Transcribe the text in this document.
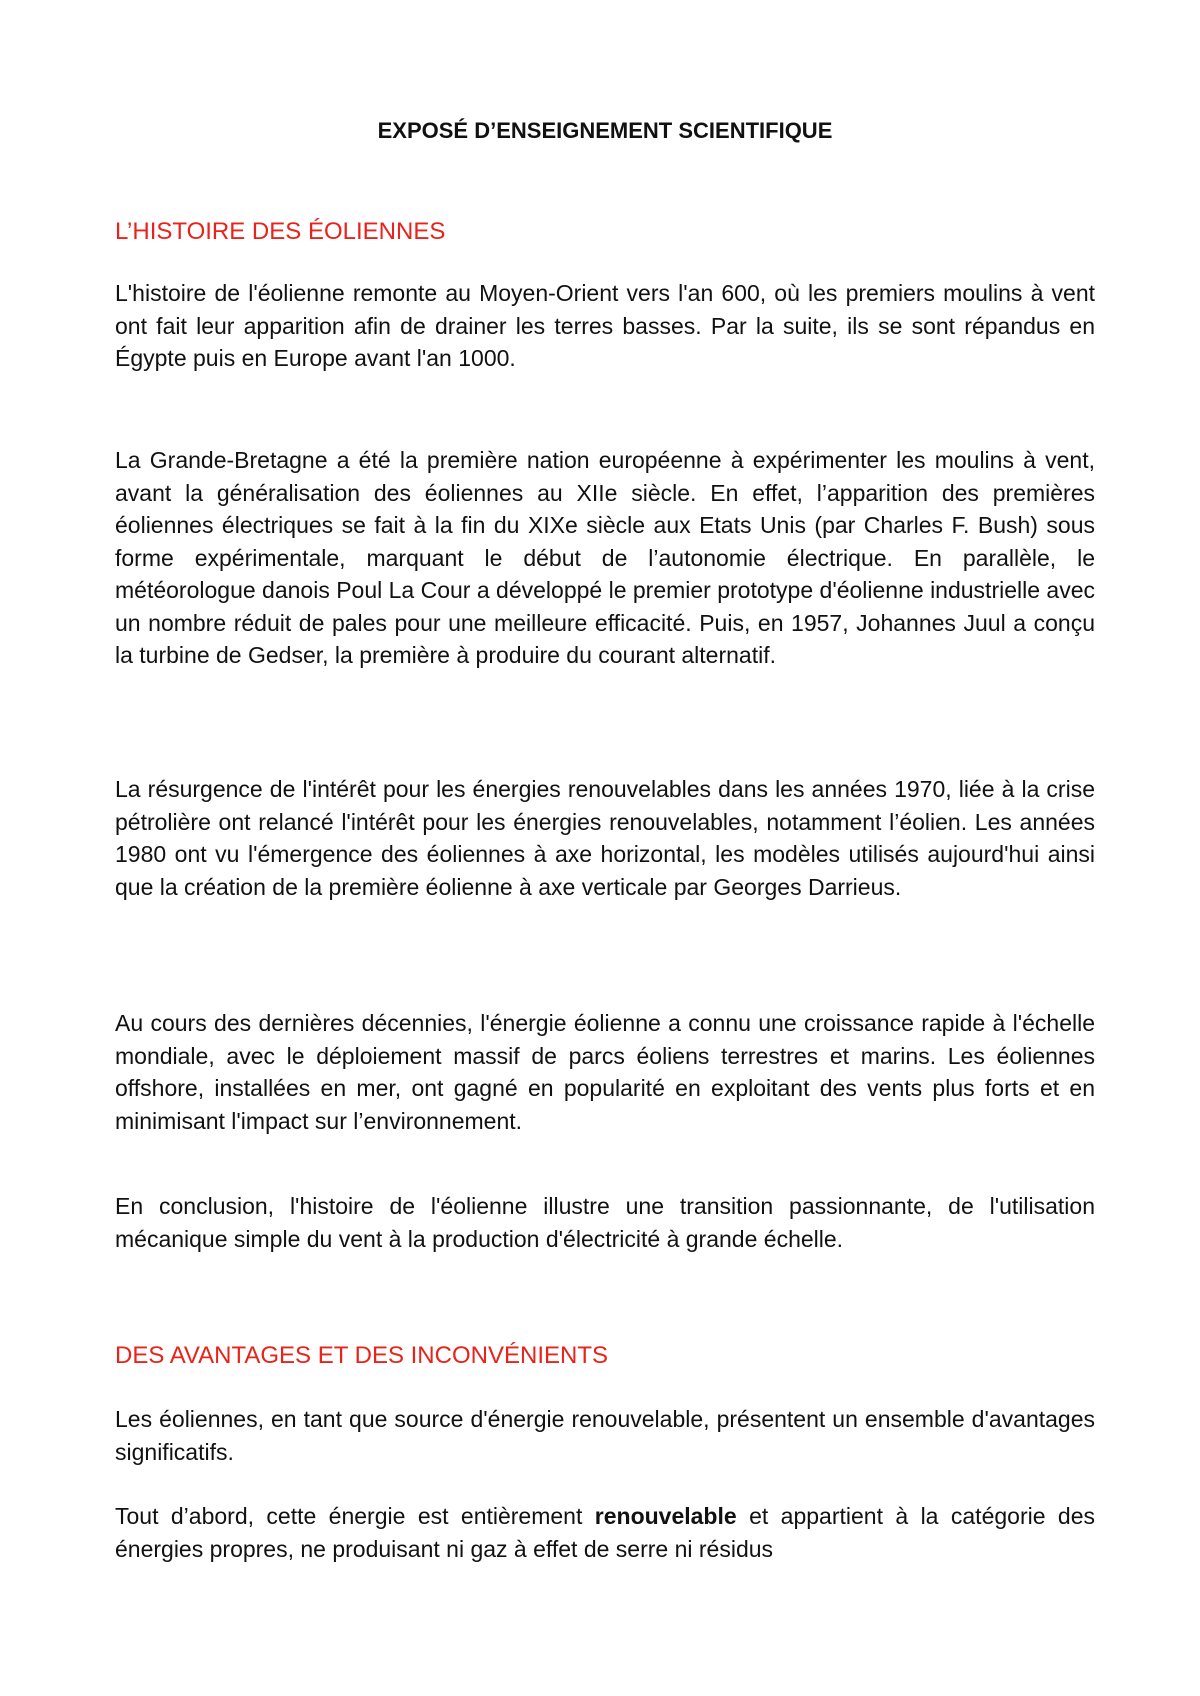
EXPOSÉ D’ENSEIGNEMENT SCIENTIFIQUE
L’HISTOIRE DES ÉOLIENNES

L'histoire de l'éolienne remonte au Moyen-Orient vers l'an 600, où les premiers moulins à vent ont fait leur apparition afin de drainer les terres basses. Par la suite, ils se sont répandus en Égypte puis en Europe avant l'an 1000.

La Grande-Bretagne a été la première nation européenne à expérimenter les moulins à vent, avant la généralisation des éoliennes au XIIe siècle. En effet, l’apparition des premières éoliennes électriques se fait à la fin du XIXe siècle aux Etats Unis (par Charles F. Bush) sous forme expérimentale, marquant le début de l’autonomie électrique. En parallèle, le météorologue danois Poul La Cour a développé le premier prototype d'éolienne industrielle avec un nombre réduit de pales pour une meilleure efficacité. Puis, en 1957, Johannes Juul a conçu la turbine de Gedser, la première à produire du courant alternatif.

La résurgence de l'intérêt pour les énergies renouvelables dans les années 1970, liée à la crise pétrolière ont relancé l'intérêt pour les énergies renouvelables, notamment l’éolien. Les années 1980 ont vu l'émergence des éoliennes à axe horizontal, les modèles utilisés aujourd'hui ainsi que la création de la première éolienne à axe verticale par Georges Darrieus.

Au cours des dernières décennies, l'énergie éolienne a connu une croissance rapide à l'échelle mondiale, avec le déploiement massif de parcs éoliens terrestres et marins. Les éoliennes offshore, installées en mer, ont gagné en popularité en exploitant des vents plus forts et en minimisant l'impact sur l’environnement.

En conclusion, l'histoire de l'éolienne illustre une transition passionnante, de l'utilisation mécanique simple du vent à la production d'électricité à grande échelle.

DES AVANTAGES ET DES INCONVÉNIENTS

Les éoliennes, en tant que source d'énergie renouvelable, présentent un ensemble d'avantages significatifs.

Tout d’abord, cette énergie est entièrement renouvelable et appartient à la catégorie des énergies propres, ne produisant ni gaz à effet de serre ni résidus
